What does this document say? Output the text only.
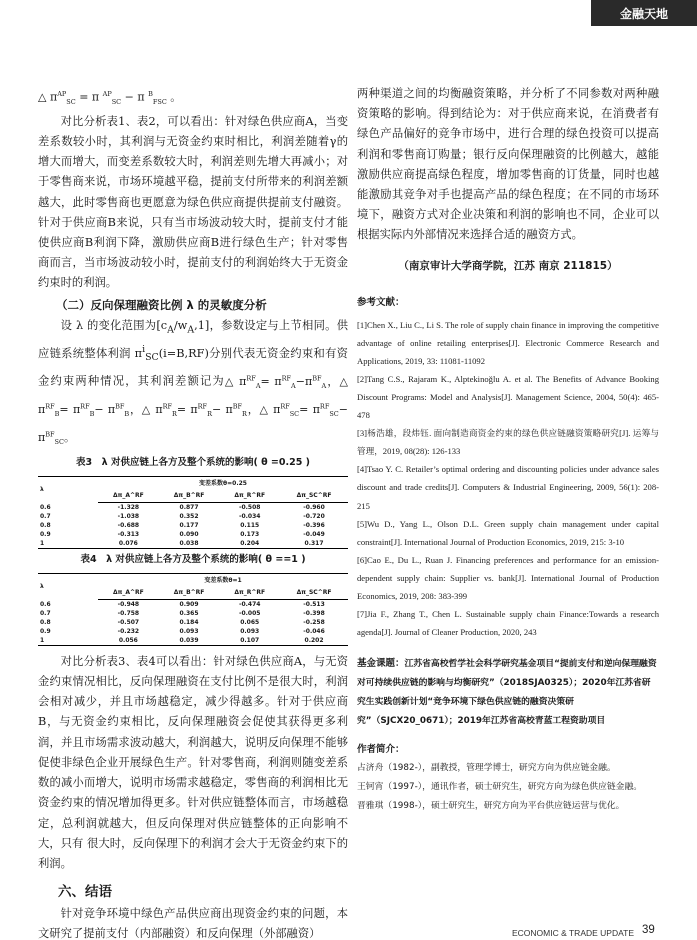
金融天地
△ $\pi^{AP}_{SC} = \pi$ $^{AP}_{SC}$ − π $^B_{FSC}$ 。

对比分析表1、表2，可以看出：针对绿色供应商A，当变差系数较小时，其利润与无资金约束时相比，利润差随着γ的增大而增大，而变差系数较大时，利润差则先增大再减小；对于零售商来说，市场环境越平稳，提前支付所带来的利润差额越大，此时零售商也更愿意为绿色供应商提供提前支付融资。针对于供应商B来说，只有当市场波动较大时，提前支付才能使供应商B利润下降，激励供应商B进行绿色生产；针对零售商而言，当市场波动较小时，提前支付的利润始终大于无资金约束时的利润。

（二）反向保理融资比例 λ 的灵敏度分析

设 λ 的变化范围为$[c_A/w_A,1]$，参数设定与上节相同。供应链系统整体利润 $\pi^i_{SC}(i=B,RF)$分别代表无资金约束和有资金约束两种情况，其利润差额记为△ $\pi^{RF}_A= \pi^{RF}_A-\pi^{BF}_A$，△ $\pi^{RF}_B= \pi^{RF}_B- \pi^{BF}_B$，△ $\pi^{RF}_R= \pi^{RF}_R- \pi^{BF}_R$，△ $\pi^{RF}_{SC}= \pi^{RF}_{SC}- \pi^{BF}_{SC}$。

表3　λ 对供应链上各方及整个系统的影响( θ =0.25 )
λ	变差系数θ=0.25			
	Δπ_A^RF	Δπ_B^RF	Δπ_R^RF	Δπ_SC^RF
0.6	-1.328	0.877	-0.508	-0.960
0.7	-1.038	0.352	-0.034	-0.720
0.8	-0.688	0.177	0.115	-0.396
0.9	-0.313	0.090	0.173	-0.049
1	0.076	0.038	0.204	0.317
表4　λ 对供应链上各方及整个系统的影响( θ ==1 )
λ	变差系数θ=1			
	Δπ_A^RF	Δπ_B^RF	Δπ_R^RF	Δπ_SC^RF
0.6	-0.948	0.909	-0.474	-0.513
0.7	-0.758	0.365	-0.005	-0.398
0.8	-0.507	0.184	0.065	-0.258
0.9	-0.232	0.093	0.093	-0.046
1	0.056	0.039	0.107	0.202

对比分析表3、表4可以看出：针对绿色供应商A，与无资金约束情况相比，反向保理融资在支付比例不是很大时，利润会相对减少，并且市场越稳定，减少得越多。针对于供应商B，与无资金约束相比，反向保理融资会促使其获得更多利润，并且市场需求波动越大，利润越大，说明反向保理不能够促使非绿色企业开展绿色生产。针对零售商，利润则随变差系数的减小而增大，说明市场需求越稳定，零售商的利润相比无资金约束的情况增加得更多。针对供应链整体而言，市场越稳定，总利润就越大，但反向保理对供应链整体的正向影响不大，只有 很大时，反向保理下的利润才会大于无资金约束下的利润。

六、结语

针对竞争环境中绿色产品供应商出现资金约束的问题，本文研究了提前支付（内部融资）和反向保理（外部融资）

两种渠道之间的均衡融资策略，并分析了不同参数对两种融资策略的影响。得到结论为：对于供应商来说，在消费者有绿色产品偏好的竞争市场中，进行合理的绿色投资可以提高利润和零售商订购量；银行反向保理融资的比例越大，越能激励供应商提高绿色程度，增加零售商的订货量，同时也越能激励其竞争对手也提高产品的绿色程度；在不同的市场环境下，融资方式对企业决策和利润的影响也不同，企业可以根据实际内外部情况来选择合适的融资方式。

（南京审计大学商学院，江苏 南京 211815）
参考文献：

[1]Chen X., Liu C., Li S. The role of supply chain finance in improving the competitive advantage of online retailing enterprises[J]. Electronic Commerce Research and Applications, 2019, 33: 11081-11092

[2]Tang C.S., Rajaram K., Alptekinoğlu A. et al. The Benefits of Advance Booking Discount Programs: Model and Analysis[J]. Management Science, 2004, 50(4): 465-478

[3]杨浩雄，段炜钰. 面向制造商资金约束的绿色供应链融资策略研究[J]. 运筹与管理，2019, 08(28): 126-133

[4]Tsao Y. C. Retailer’s optimal ordering and discounting policies under advance sales discount and trade credits[J]. Computers & Industrial Engineering, 2009, 56(1): 208-215

[5]Wu D., Yang L., Olson D.L. Green supply chain management under capital constraint[J]. International Journal of Production Economics, 2019, 215: 3-10

[6]Cao E., Du L., Ruan J. Financing preferences and performance for an emission-dependent supply chain: Supplier vs. bank[J]. International Journal of Production Economics, 2019, 208: 383-399

[7]Jia F., Zhang T., Chen L. Sustainable supply chain Finance:Towards a research agenda[J]. Journal of Cleaner Production, 2020, 243

基金课题：江苏省高校哲学社会科学研究基金项目“提前支付和逆向保理融资对可持续供应链的影响与均衡研究”（2018SJA0325）；2020年江苏省研究生实践创新计划“竞争环境下绿色供应链的融资决策研究”（SJCX20_0671）；2019年江苏省高校青蓝工程资助项目

作者简介：

占济舟（1982-），副教授，管理学博士，研究方向为供应链金融。

王钶宵（1997-），通讯作者，硕士研究生，研究方向为绿色供应链金融。

晋雅琪（1998-），硕士研究生，研究方向为平台供应链运营与优化。

ECONOMIC & TRADE UPDATE 39
